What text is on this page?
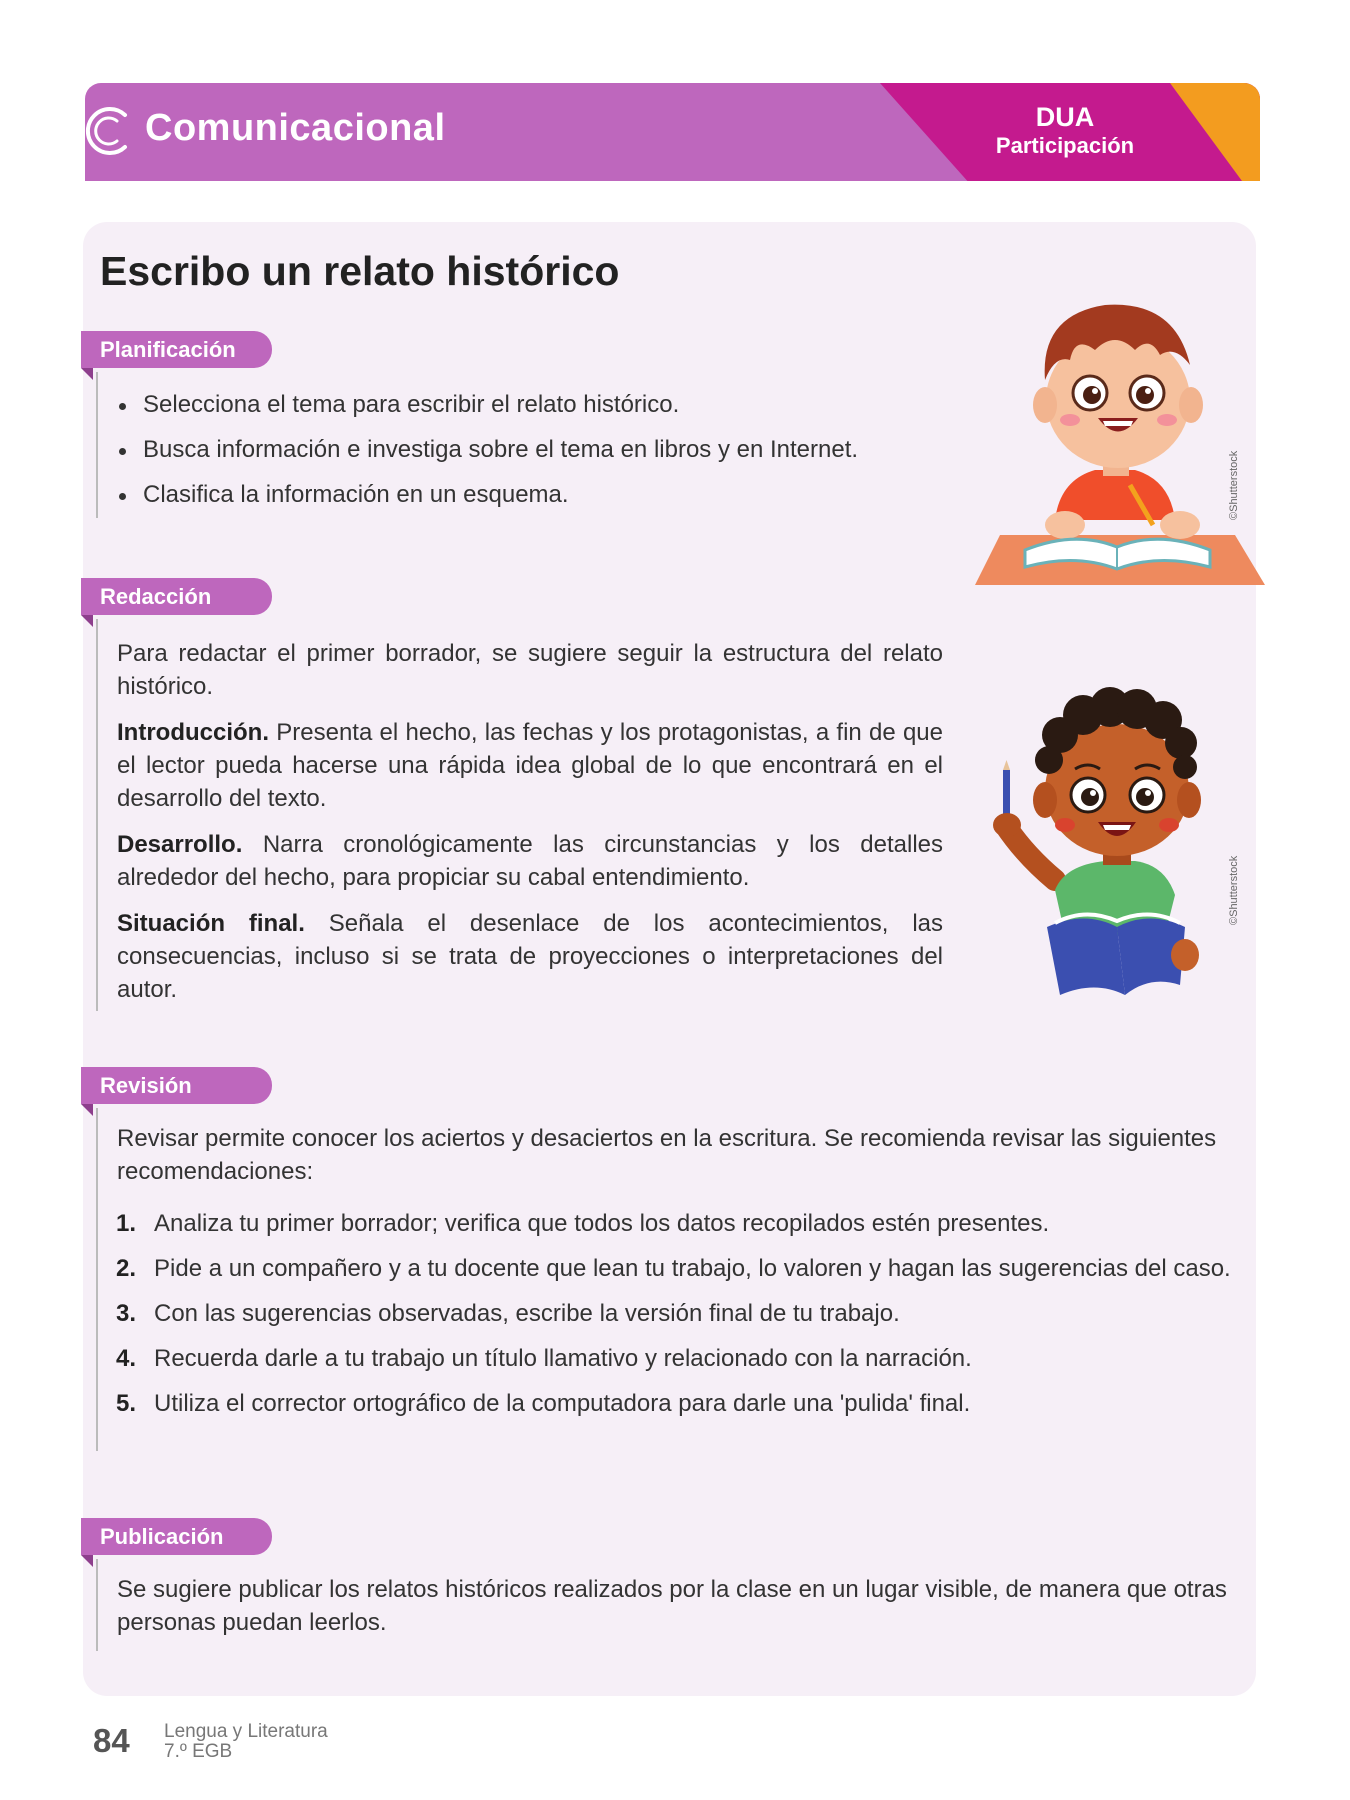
Comunicacional	DUA
Participación
Escribo un relato histórico
Planificación
Selecciona el tema para escribir el relato histórico.
Busca información e investiga sobre el tema en libros y en Internet.
Clasifica la información en un esquema.	©Shutterstock
Redacción

Para redactar el primer borrador, se sugiere seguir la estructura del relato histórico.

Introducción. Presenta el hecho, las fechas y los protagonistas, a fin de que el lector pueda hacerse una rápida idea global de lo que encontrará en el desarrollo del texto.

Desarrollo. Narra cronológicamente las circunstancias y los detalles alrededor del hecho, para propiciar su cabal entendimiento.

Situación final. Señala el desenlace de los acontecimientos, las consecuencias, incluso si se trata de proyecciones o interpretaciones del autor.

©Shutterstock
Revisión

Revisar permite conocer los aciertos y desaciertos en la escritura. Se recomienda revisar las siguientes recomendaciones:

1. Analiza tu primer borrador; verifica que todos los datos recopilados estén presentes.
2. Pide a un compañero y a tu docente que lean tu trabajo, lo valoren y hagan las sugerencias del caso.
3. Con las sugerencias observadas, escribe la versión final de tu trabajo.
4. Recuerda darle a tu trabajo un título llamativo y relacionado con la narración.
5. Utiliza el corrector ortográfico de la computadora para darle una 'pulida' final.
Publicación

Se sugiere publicar los relatos históricos realizados por la clase en un lugar visible, de manera que otras personas puedan leerlos.

84 Lengua y Literatura
7.º EGB
